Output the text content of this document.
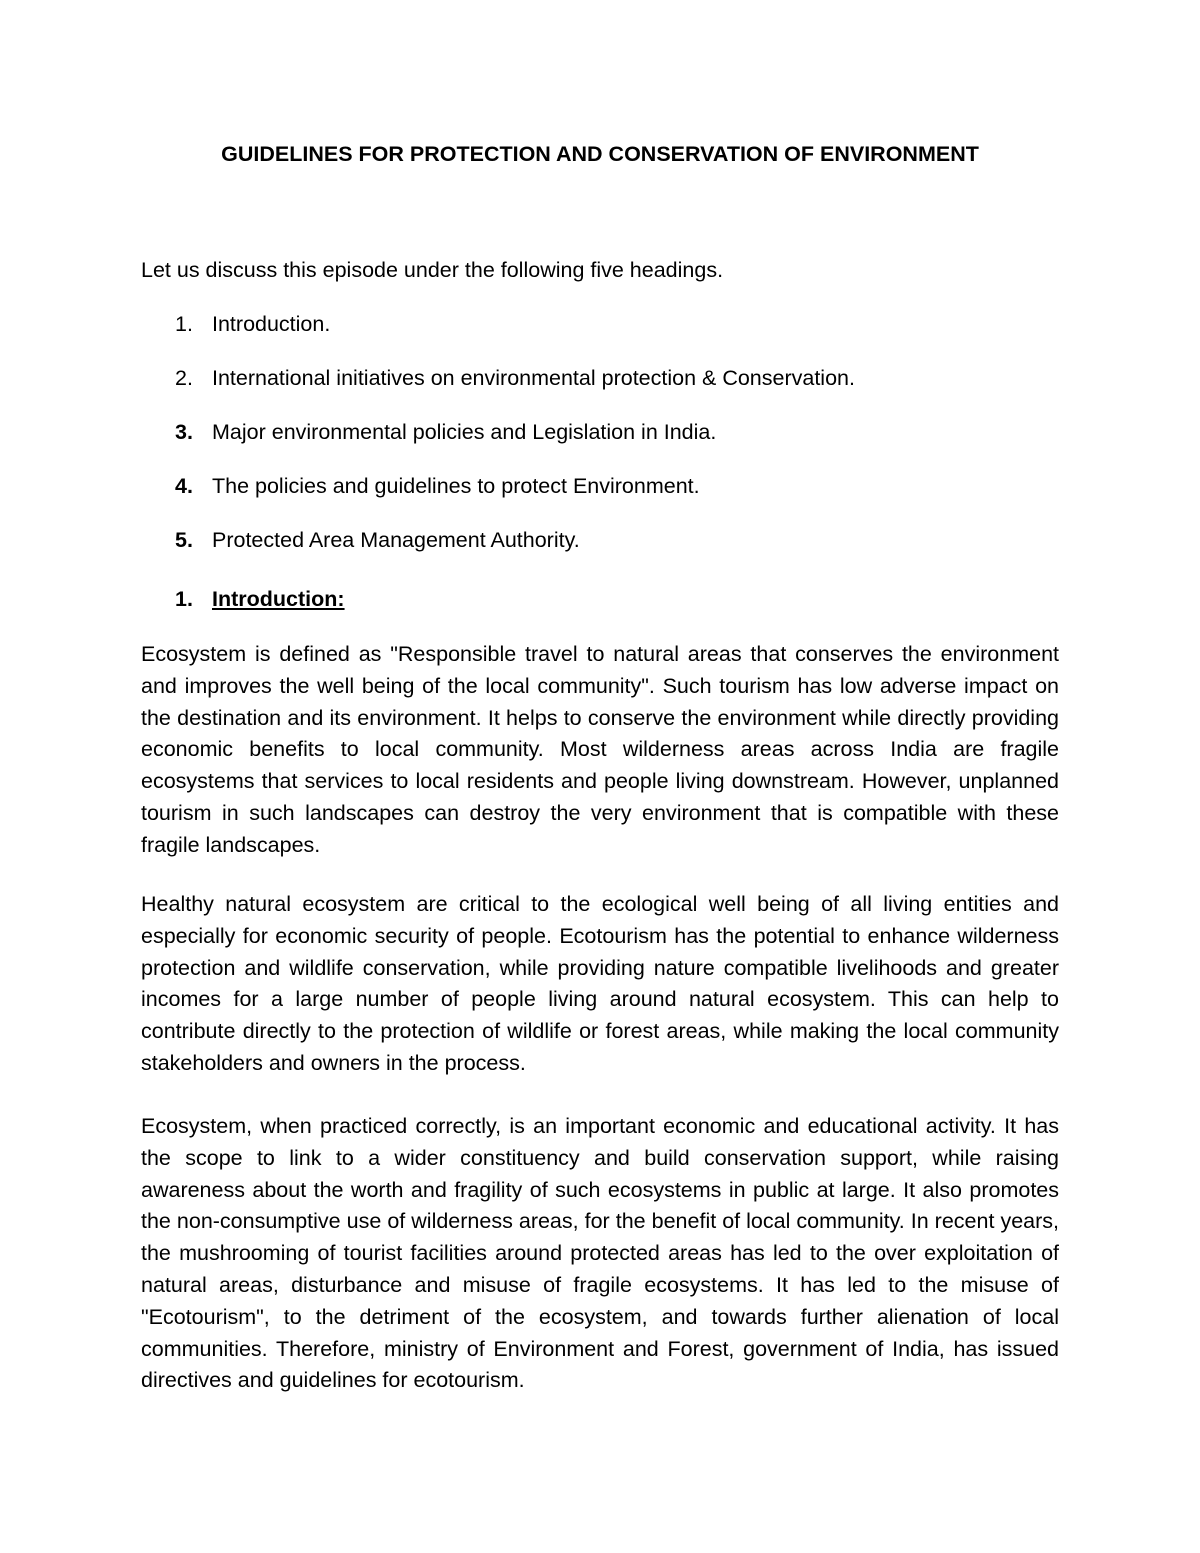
GUIDELINES FOR PROTECTION AND CONSERVATION OF ENVIRONMENT

Let us discuss this episode under the following five headings.

1. Introduction.
2. International initiatives on environmental protection & Conservation.
3. Major environmental policies and Legislation in India.
4. The policies and guidelines to protect Environment.
5. Protected Area Management Authority.
1. Introduction:

Ecosystem is defined as "Responsible travel to natural areas that conserves the environment and improves the well being of the local community". Such tourism has low adverse impact on the destination and its environment. It helps to conserve the environment while directly providing economic benefits to local community. Most wilderness areas across India are fragile ecosystems that services to local residents and people living downstream. However, unplanned tourism in such landscapes can destroy the very environment that is compatible with these fragile landscapes.

Healthy natural ecosystem are critical to the ecological well being of all living entities and especially for economic security of people. Ecotourism has the potential to enhance wilderness protection and wildlife conservation, while providing nature compatible livelihoods and greater incomes for a large number of people living around natural ecosystem. This can help to contribute directly to the protection of wildlife or forest areas, while making the local community stakeholders and owners in the process.

Ecosystem, when practiced correctly, is an important economic and educational activity. It has the scope to link to a wider constituency and build conservation support, while raising awareness about the worth and fragility of such ecosystems in public at large. It also promotes the non-consumptive use of wilderness areas, for the benefit of local community. In recent years, the mushrooming of tourist facilities around protected areas has led to the over exploitation of natural areas, disturbance and misuse of fragile ecosystems. It has led to the misuse of "Ecotourism", to the detriment of the ecosystem, and towards further alienation of local communities. Therefore, ministry of Environment and Forest, government of India, has issued directives and guidelines for ecotourism.
